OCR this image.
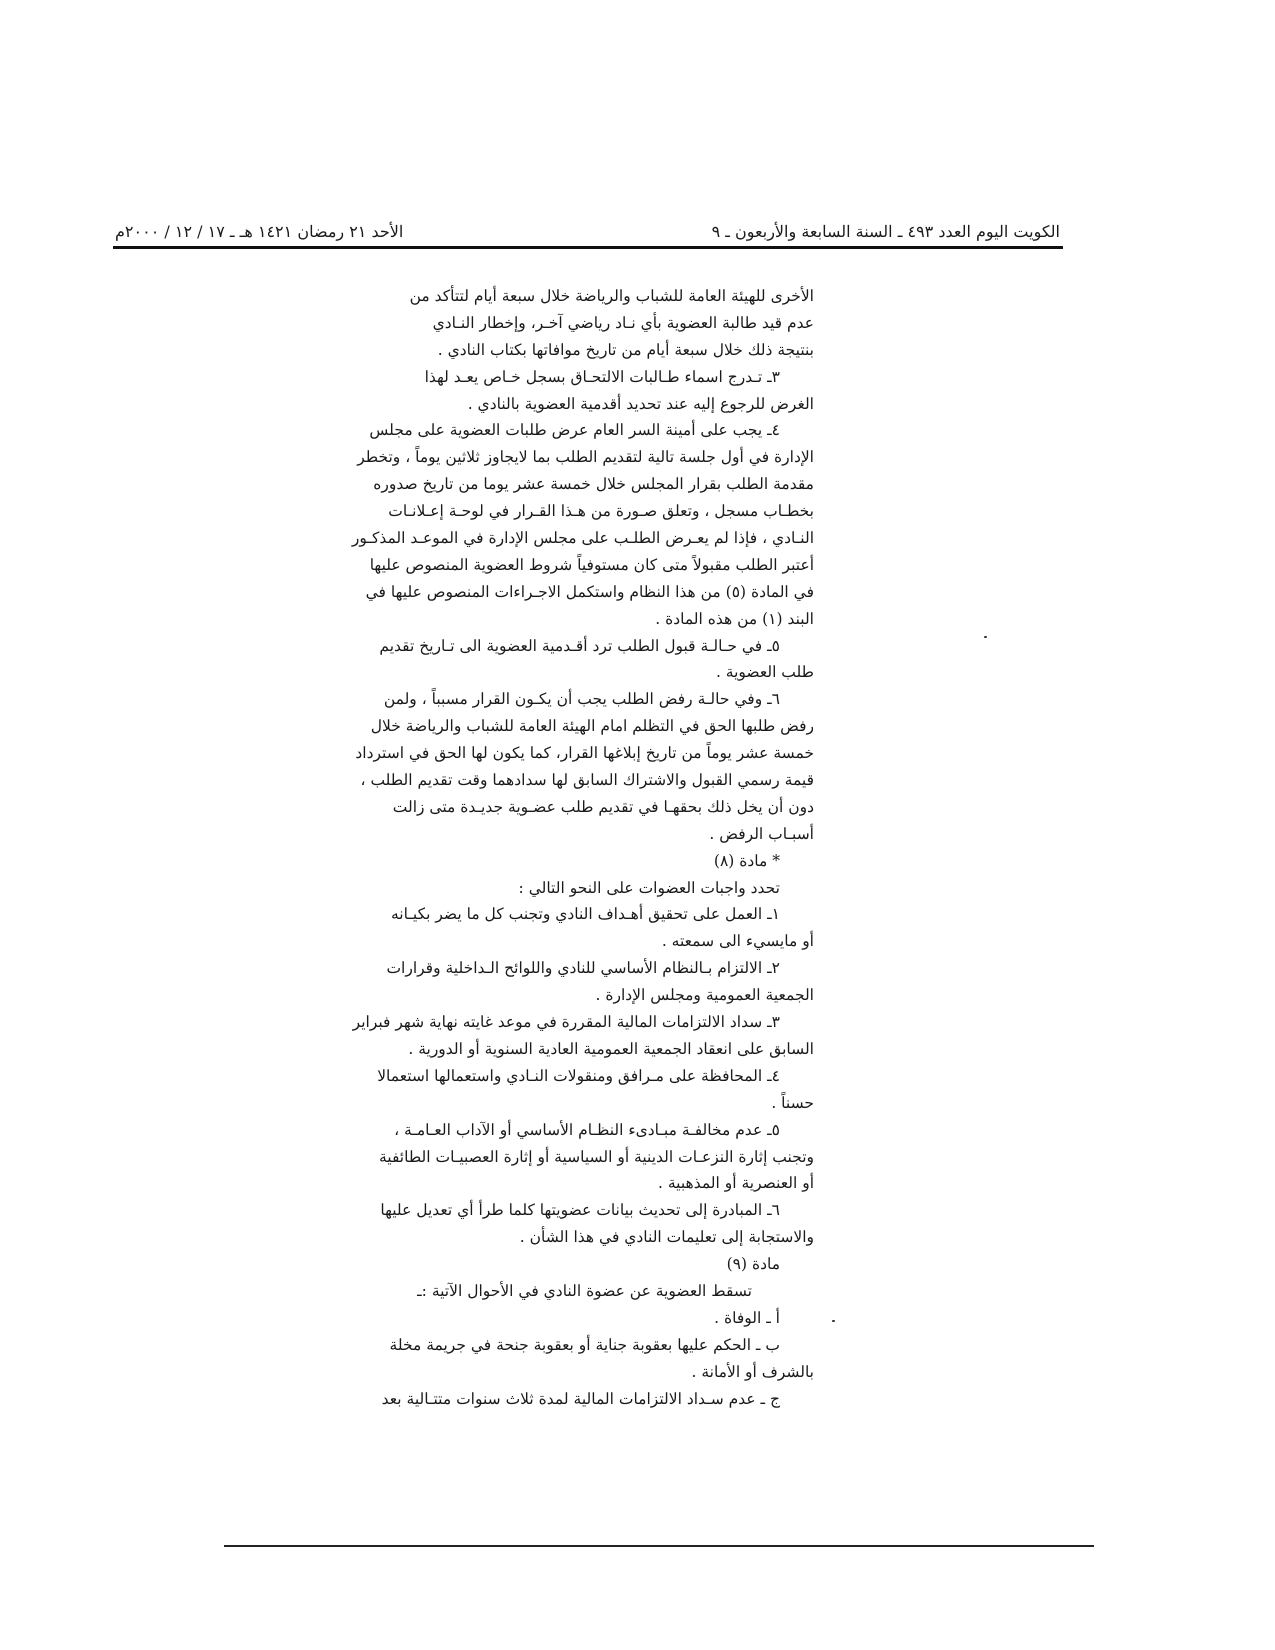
الكويت اليوم العدد ٤٩٣ ـ السنة السابعة والأربعون ـ ٩
الأحد ٢١ رمضان ١٤٢١ هـ ـ ١٧ / ١٢ / ٢٠٠٠م
الأخرى للهيئة العامة للشباب والرياضة خلال سبعة أيام لتتأكد من
عدم قيد طالبة العضوية بأي نـاد رياضي آخـر، وإخطار النـادي
بنتيجة ذلك خلال سبعة أيام من تاريخ موافاتها بكتاب النادي .
٣ـ تـدرج اسماء طـالبات الالتحـاق بسجل خـاص يعـد لهذا
الغرض للرجوع إليه عند تحديد أقدمية العضوية بالنادي .
٤ـ يجب على أمينة السر العام عرض طلبات العضوية على مجلس
الإدارة في أول جلسة تالية لتقديم الطلب بما لايجاوز ثلاثين يوماً ، وتخطر
مقدمة الطلب بقرار المجلس خلال خمسة عشر يوما من تاريخ صدوره
بخطـاب مسجل ، وتعلق صـورة من هـذا القـرار في لوحـة إعـلانـات
النـادي ، فإذا لم يعـرض الطلـب على مجلس الإدارة في الموعـد المذكـور
أعتبر الطلب مقبولاً متى كان مستوفياً شروط العضوية المنصوص عليها
في المادة (٥) من هذا النظام واستكمل الاجـراءات المنصوص عليها في
البند (١) من هذه المادة .
٥ـ في حـالـة قبول الطلب ترد أقـدمية العضوية الى تـاريخ تقديم
طلب العضوية .
٦ـ وفي حالـة رفض الطلب يجب أن يكـون القرار مسبباً ، ولمن
رفض طلبها الحق في التظلم امام الهيئة العامة للشباب والرياضة خلال
خمسة عشر يوماً من تاريخ إبلاغها القرار، كما يكون لها الحق في استرداد
قيمة رسمي القبول والاشتراك السابق لها سدادهما وقت تقديم الطلب ،
دون أن يخل ذلك بحقهـا في تقديم طلب عضـوية جديـدة متى زالت
أسبـاب الرفض .
* مادة (٨)
تحدد واجبات العضوات على النحو التالي :
١ـ العمل على تحقيق أهـداف النادي وتجنب كل ما يضر بكيـانه
أو مايسيء الى سمعته .
٢ـ الالتزام بـالنظام الأساسي للنادي واللوائح الـداخلية وقرارات
الجمعية العمومية ومجلس الإدارة .
٣ـ سداد الالتزامات المالية المقررة في موعد غايته نهاية شهر فبراير
السابق على انعقاد الجمعية العمومية العادية السنوية أو الدورية .
٤ـ المحافظة على مـرافق ومنقولات النـادي واستعمالها استعمالا
حسناً .
٥ـ عدم مخالفـة مبـادىء النظـام الأساسي أو الآداب العـامـة ،
وتجنب إثارة النزعـات الدينية أو السياسية أو إثارة العصبيـات الطائفية
أو العنصرية أو المذهبية .
٦ـ المبادرة إلى تحديث بيانات عضويتها كلما طرأ أي تعديل عليها
والاستجابة إلى تعليمات النادي في هذا الشأن .
مادة (٩)
تسقط العضوية عن عضوة النادي في الأحوال الآتية :ـ
أ ـ الوفاة .
ب ـ الحكم عليها بعقوبة جناية أو بعقوبة جنحة في جريمة مخلة
بالشرف أو الأمانة .
ج ـ عدم سـداد الالتزامات المالية لمدة ثلاث سنوات متتـالية بعد
